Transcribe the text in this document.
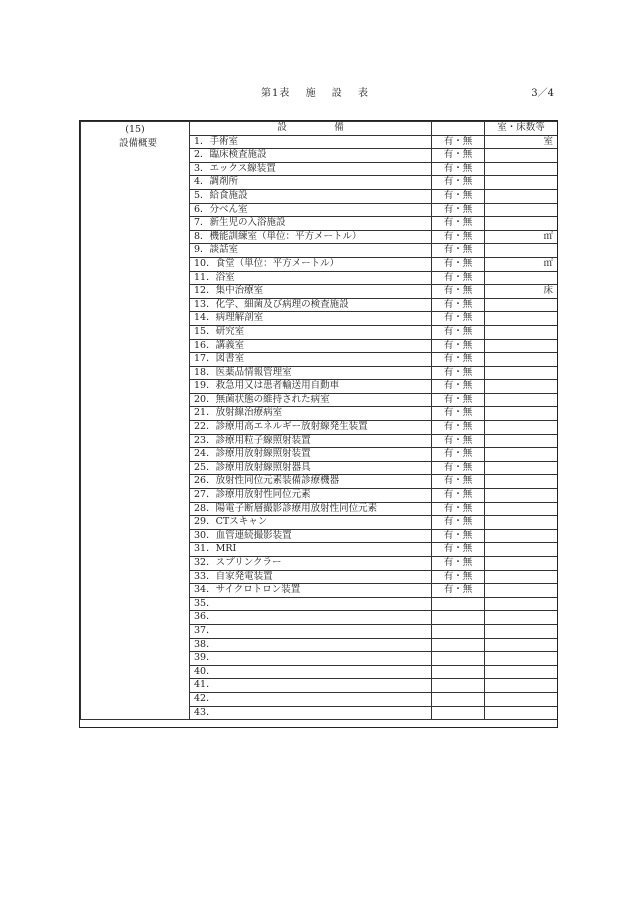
第1表　 施　 設　 表	3／4
(15)
設備概要	設　　　　　備		室・床数等
	1．手術室	有・無	室
	2．臨床検査施設	有・無	
	3．エックス線装置	有・無	
	4．調剤所	有・無	
	5．給食施設	有・無	
	6．分べん室	有・無	
	7．新生児の入浴施設	有・無	
	8．機能訓練室（単位：平方メートル）	有・無	㎡
	9．談話室	有・無	
	10．食堂（単位：平方メートル）	有・無	㎡
	11．浴室	有・無	
	12．集中治療室	有・無	床
	13．化学、細菌及び病理の検査施設	有・無	
	14．病理解剖室	有・無	
	15．研究室	有・無	
	16．講義室	有・無	
	17．図書室	有・無	
	18．医薬品情報管理室	有・無	
	19．救急用又は患者輸送用自動車	有・無	
	20．無菌状態の維持された病室	有・無	
	21．放射線治療病室	有・無	
	22．診療用高エネルギー放射線発生装置	有・無	
	23．診療用粒子線照射装置	有・無	
	24．診療用放射線照射装置	有・無	
	25．診療用放射線照射器具	有・無	
	26．放射性同位元素装備診療機器	有・無	
	27．診療用放射性同位元素	有・無	
	28．陽電子断層撮影診療用放射性同位元素	有・無	
	29．CTスキャン	有・無	
	30．血管連続撮影装置	有・無	
	31．MRI	有・無	
	32．スプリンクラー	有・無	
	33．自家発電装置	有・無	
	34．サイクロトロン装置	有・無	
	35．		
	36．		
	37．		
	38．		
	39．		
	40．		
	41．		
	42．		
	43．		
